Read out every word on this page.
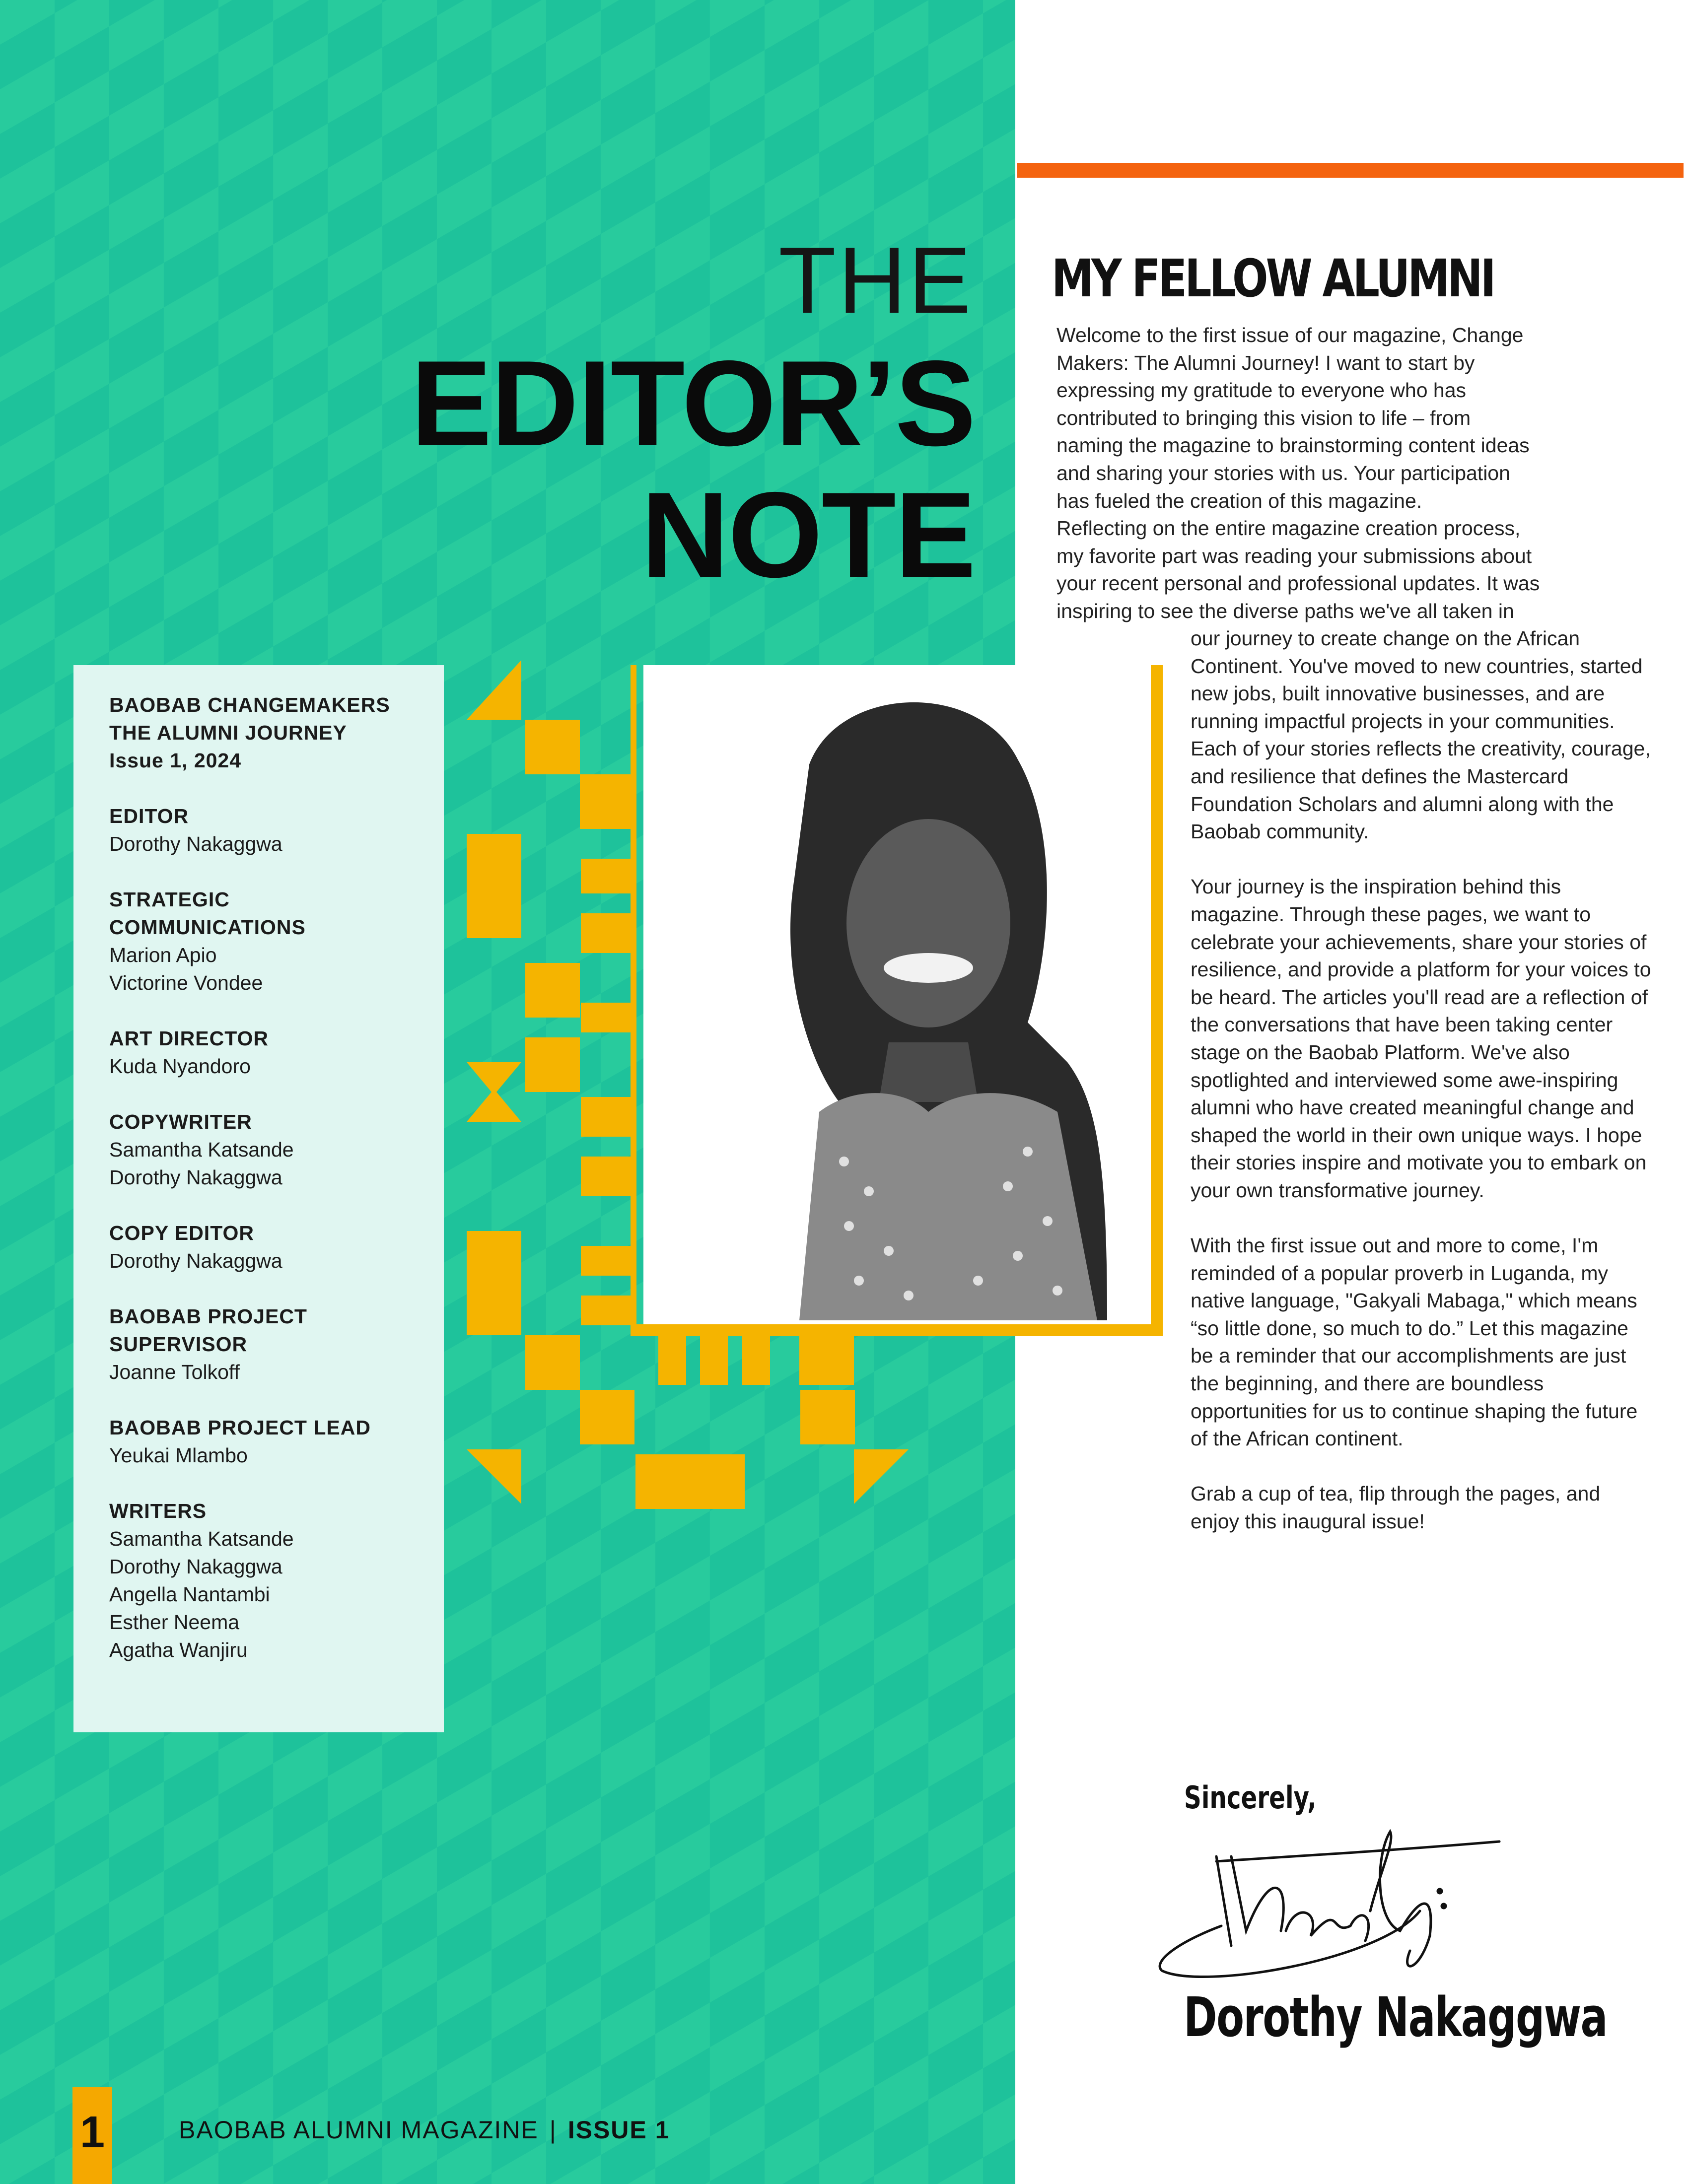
THE
EDITOR’S
NOTE
BAOBAB CHANGEMAKERS THE ALUMNI JOURNEY
Issue 1, 2024
EDITOR
Dorothy Nakaggwa
STRATEGIC COMMUNICATIONS
Marion Apio
Victorine Vondee
ART DIRECTOR
Kuda Nyandoro
COPYWRITER
Samantha Katsande
Dorothy Nakaggwa
COPY EDITOR
Dorothy Nakaggwa
BAOBAB PROJECT SUPERVISOR
Joanne Tolkoff
BAOBAB PROJECT LEAD
Yeukai Mlambo
WRITERS
Samantha Katsande
Dorothy Nakaggwa
Angella Nantambi
Esther Neema
Agatha Wanjiru
MY FELLOW ALUMNI

Welcome to the first issue of our magazine, Change

Makers: The Alumni Journey! I want to start by

expressing my gratitude to everyone who has

contributed to bringing this vision to life – from

naming the magazine to brainstorming content ideas

and sharing your stories with us. Your participation

has fueled the creation of this magazine.

Reflecting on the entire magazine creation process,

my favorite part was reading your submissions about

your recent personal and professional updates. It was

inspiring to see the diverse paths we've all taken in

our journey to create change on the African Continent. You've moved to new countries, started new jobs, built innovative businesses, and are running impactful projects in your communities. Each of your stories reflects the creativity, courage, and resilience that defines the Mastercard Foundation Scholars and alumni along with the Baobab community.

Your journey is the inspiration behind this magazine. Through these pages, we want to celebrate your achievements, share your stories of resilience, and provide a platform for your voices to be heard. The articles you'll read are a reflection of the conversations that have been taking center stage on the Baobab Platform. We've also spotlighted and interviewed some awe-inspiring alumni who have created meaningful change and shaped the world in their own unique ways. I hope their stories inspire and motivate you to embark on your own transformative journey.

With the first issue out and more to come, I'm reminded of a popular proverb in Luganda, my native language, "Gakyali Mabaga," which means “so little done, so much to do.” Let this magazine be a reminder that our accomplishments are just the beginning, and there are boundless opportunities for us to continue shaping the future of the African continent.

Grab a cup of tea, flip through the pages, and enjoy this inaugural issue!

Sincerely,
Dorothy Nakaggwa
1	BAOBAB ALUMNI MAGAZINE | ISSUE 1
